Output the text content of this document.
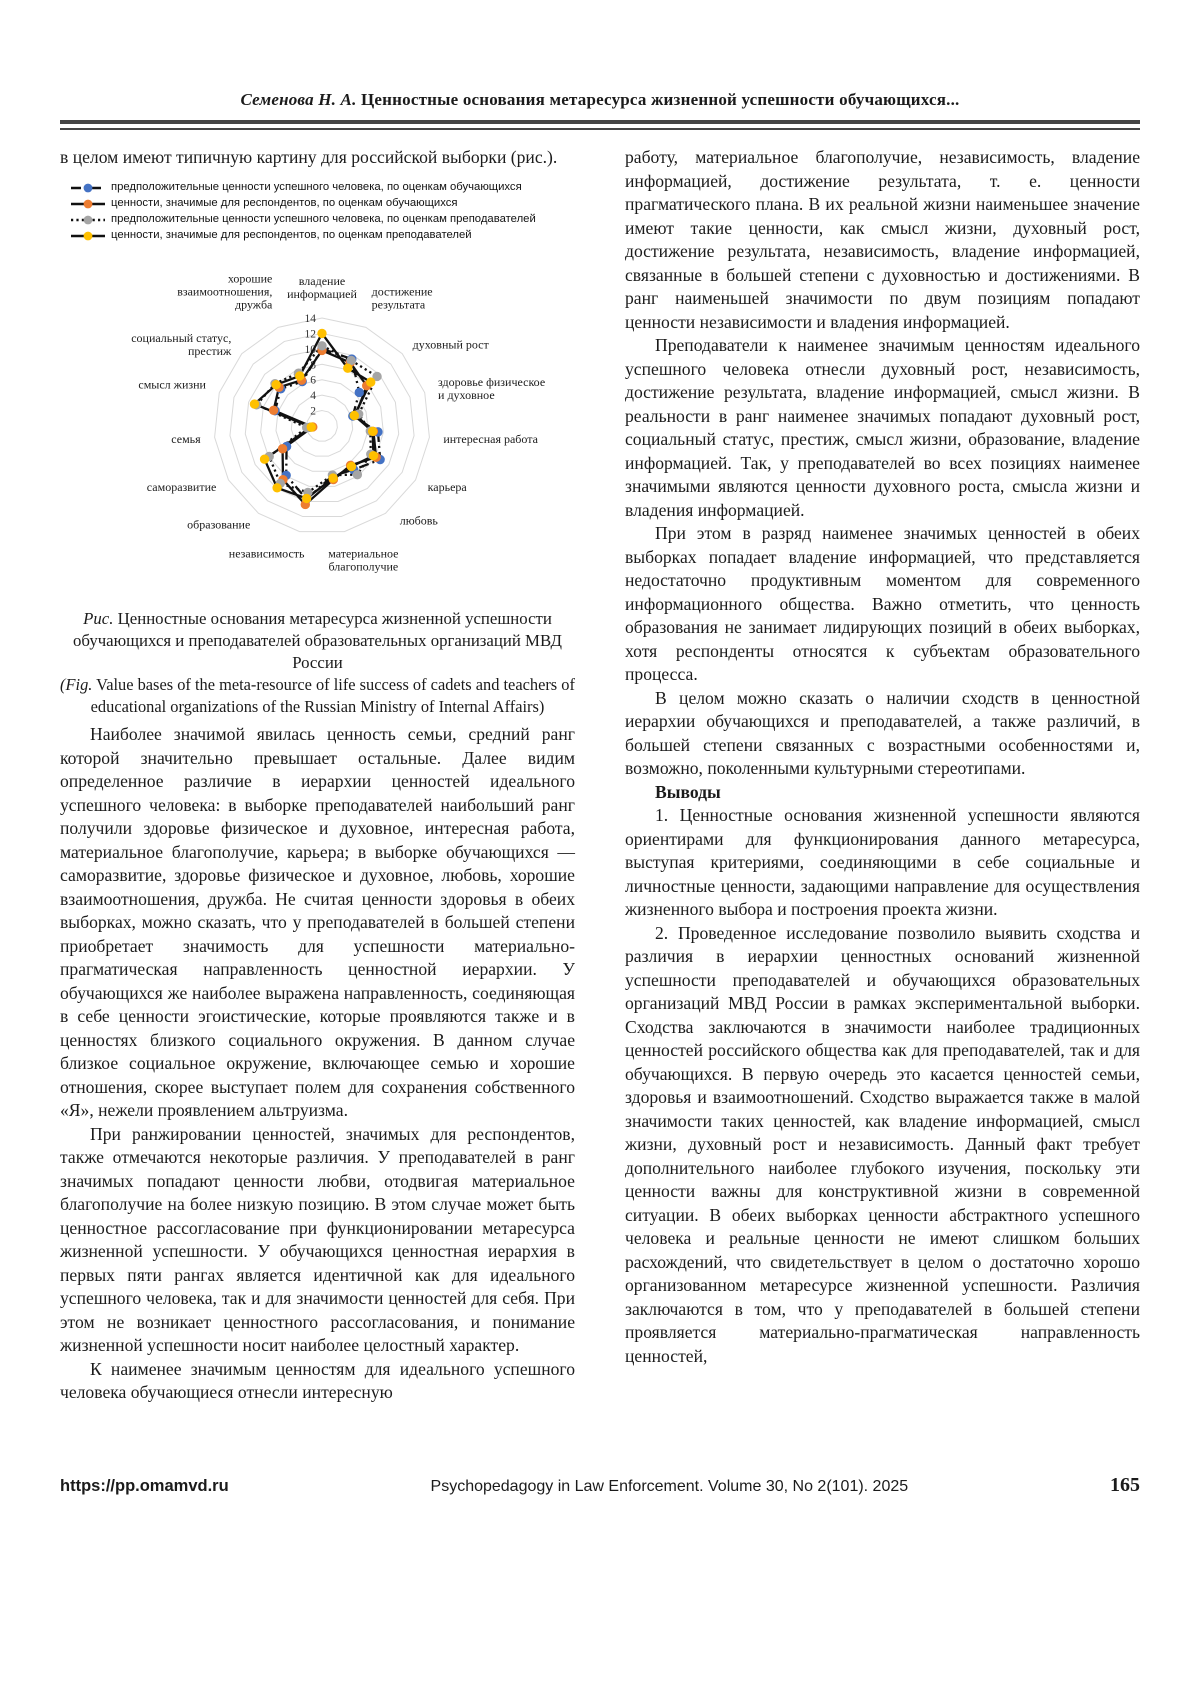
Семенова Н. А. Ценностные основания метаресурса жизненной успешности обучающихся...

в целом имеют типичную картину для российской выборки (рис.).

предположительные ценности успешного человека, по оценкам обучающихся
ценности, значимые для респондентов, по оценкам обучающихся
предположительные ценности успешного человека, по оценкам преподавателей
ценности, значимые для респондентов, по оценкам преподавателей
2
4
6
8
10
12
14
владение информацией достижение результата
духовный рост
здоровье физическое и духовное
интересная работа
карьера
любовь
материальное благополучие
независимость
образование
саморазвитие
семья
смысл жизни
социальный статус, престиж
хорошие взаимоотношения, дружба
Рис. Ценностные основания метаресурса жизненной успешности обучающихся и преподавателей образовательных организаций МВД России
(Fig. Value bases of the meta-resource of life success of cadets and teachers of educational organizations of the Russian Ministry of Internal Affairs)

Наиболее значимой явилась ценность семьи, средний ранг которой значительно превышает остальные. Далее видим определенное различие в иерархии ценностей идеального успешного человека: в выборке преподавателей наибольший ранг получили здоровье физическое и духовное, интересная работа, материальное благополучие, карьера; в выборке обучающихся — саморазвитие, здоровье физическое и духовное, любовь, хорошие взаимоотношения, дружба. Не считая ценности здоровья в обеих выборках, можно сказать, что у преподавателей в большей степени приобретает значимость для успешности материально-прагматическая направленность ценностной иерархии. У обучающихся же наиболее выражена направленность, соединяющая в себе ценности эгоистические, которые проявляются также и в ценностях близкого социального окружения. В данном случае близкое социальное окружение, включающее семью и хорошие отношения, скорее выступает полем для сохранения собственного «Я», нежели проявлением альтруизма.

При ранжировании ценностей, значимых для респондентов, также отмечаются некоторые различия. У преподавателей в ранг значимых попадают ценности любви, отодвигая материальное благополучие на более низкую позицию. В этом случае может быть ценностное рассогласование при функционировании метаресурса жизненной успешности. У обучающихся ценностная иерархия в первых пяти рангах является идентичной как для идеального успешного человека, так и для значимости ценностей для себя. При этом не возникает ценностного рассогласования, и понимание жизненной успешности носит наиболее целостный характер.

К наименее значимым ценностям для идеального успешного человека обучающиеся отнесли интересную

работу, материальное благополучие, независимость, владение информацией, достижение результата, т. е. ценности прагматического плана. В их реальной жизни наименьшее значение имеют такие ценности, как смысл жизни, духовный рост, достижение результата, независимость, владение информацией, связанные в большей степени с духовностью и достижениями. В ранг наименьшей значимости по двум позициям попадают ценности независимости и владения информацией.

Преподаватели к наименее значимым ценностям идеального успешного человека отнесли духовный рост, независимость, достижение результата, владение информацией, смысл жизни. В реальности в ранг наименее значимых попадают духовный рост, социальный статус, престиж, смысл жизни, образование, владение информацией. Так, у преподавателей во всех позициях наименее значимыми являются ценности духовного роста, смысла жизни и владения информацией.

При этом в разряд наименее значимых ценностей в обеих выборках попадает владение информацией, что представляется недостаточно продуктивным моментом для современного информационного общества. Важно отметить, что ценность образования не занимает лидирующих позиций в обеих выборках, хотя респонденты относятся к субъектам образовательного процесса.

В целом можно сказать о наличии сходств в ценностной иерархии обучающихся и преподавателей, а также различий, в большей степени связанных с возрастными особенностями и, возможно, поколенными культурными стереотипами.

Выводы

1. Ценностные основания жизненной успешности являются ориентирами для функционирования данного метаресурса, выступая критериями, соединяющими в себе социальные и личностные ценности, задающими направление для осуществления жизненного выбора и построения проекта жизни.

2. Проведенное исследование позволило выявить сходства и различия в иерархии ценностных оснований жизненной успешности преподавателей и обучающихся образовательных организаций МВД России в рамках экспериментальной выборки. Сходства заключаются в значимости наиболее традиционных ценностей российского общества как для преподавателей, так и для обучающихся. В первую очередь это касается ценностей семьи, здоровья и взаимоотношений. Сходство выражается также в малой значимости таких ценностей, как владение информацией, смысл жизни, духовный рост и независимость. Данный факт требует дополнительного наиболее глубокого изучения, поскольку эти ценности важны для конструктивной жизни в современной ситуации. В обеих выборках ценности абстрактного успешного человека и реальные ценности не имеют слишком больших расхождений, что свидетельствует в целом о достаточно хорошо организованном метаресурсе жизненной успешности. Различия заключаются в том, что у преподавателей в большей степени проявляется материально-прагматическая направленность ценностей,

https://pp.omamvd.ru	Psychopedagogy in Law Enforcement. Volume 30, No 2(101). 2025	165
